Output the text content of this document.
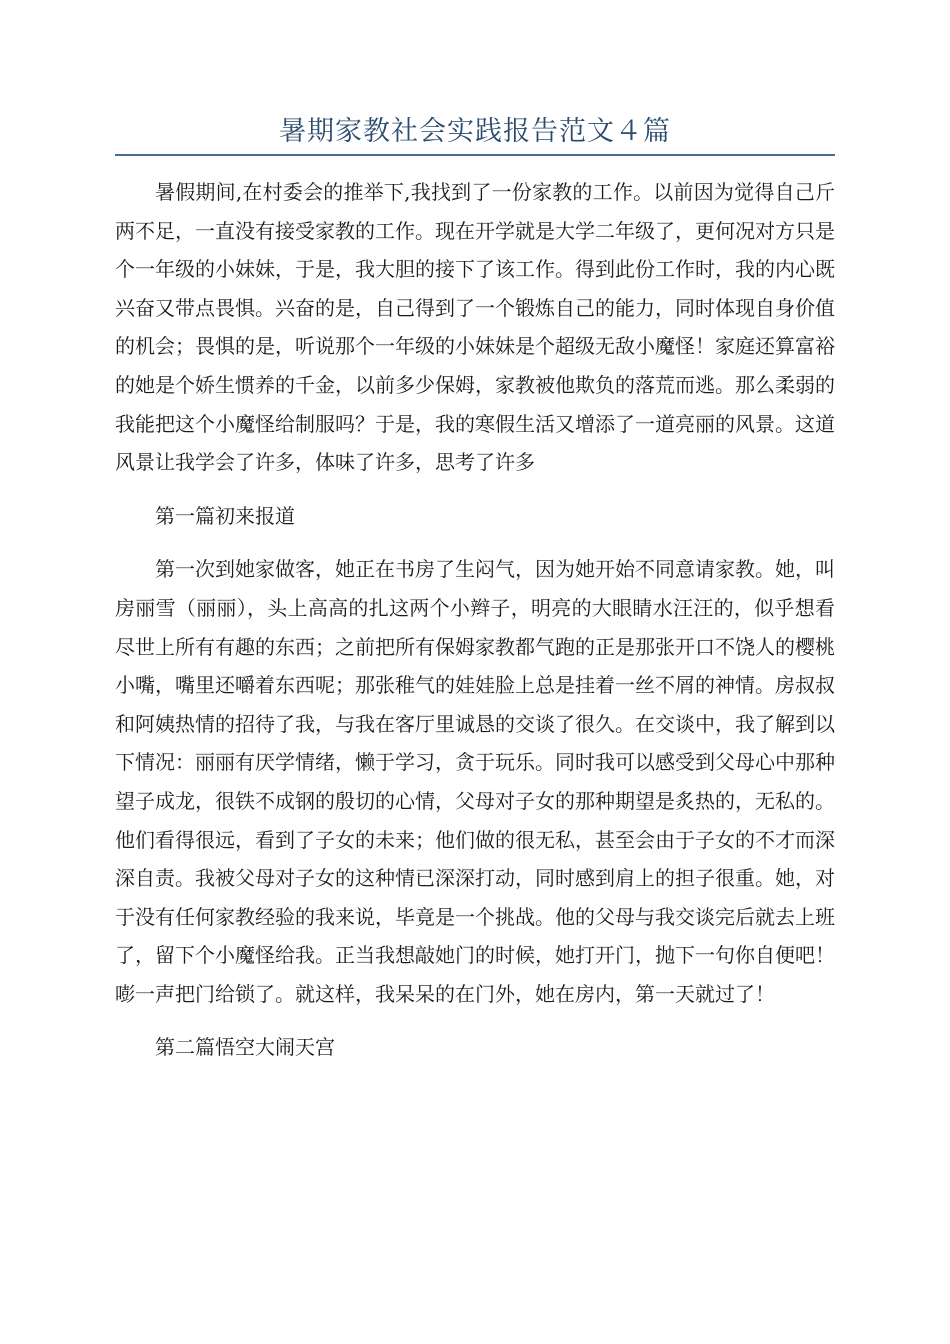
暑期家教社会实践报告范文４篇

暑假期间,在村委会的推举下,我找到了一份家教的工作。以前因为觉得自己斤两不足，一直没有接受家教的工作。现在开学就是大学二年级了，更何况对方只是个一年级的小妹妹，于是，我大胆的接下了该工作。得到此份工作时，我的内心既兴奋又带点畏惧。兴奋的是，自己得到了一个锻炼自己的能力，同时体现自身价值的机会；畏惧的是，听说那个一年级的小妹妹是个超级无敌小魔怪！家庭还算富裕的她是个娇生惯养的千金，以前多少保姆，家教被他欺负的落荒而逃。那么柔弱的我能把这个小魔怪给制服吗？于是，我的寒假生活又增添了一道亮丽的风景。这道风景让我学会了许多，体味了许多，思考了许多

第一篇初来报道

第一次到她家做客，她正在书房了生闷气，因为她开始不同意请家教。她，叫房丽雪（丽丽），头上高高的扎这两个小辫子，明亮的大眼睛水汪汪的，似乎想看尽世上所有有趣的东西；之前把所有保姆家教都气跑的正是那张开口不饶人的樱桃小嘴，嘴里还嚼着东西呢；那张稚气的娃娃脸上总是挂着一丝不屑的神情。房叔叔和阿姨热情的招待了我，与我在客厅里诚恳的交谈了很久。在交谈中，我了解到以下情况：丽丽有厌学情绪，懒于学习，贪于玩乐。同时我可以感受到父母心中那种望子成龙，很铁不成钢的殷切的心情，父母对子女的那种期望是炙热的，无私的。他们看得很远，看到了子女的未来；他们做的很无私，甚至会由于子女的不才而深深自责。我被父母对子女的这种情已深深打动，同时感到肩上的担子很重。她，对于没有任何家教经验的我来说，毕竟是一个挑战。他的父母与我交谈完后就去上班了，留下个小魔怪给我。正当我想敲她门的时候，她打开门，抛下一句你自便吧！嘭一声把门给锁了。就这样，我呆呆的在门外，她在房内，第一天就过了！

第二篇悟空大闹天宫
